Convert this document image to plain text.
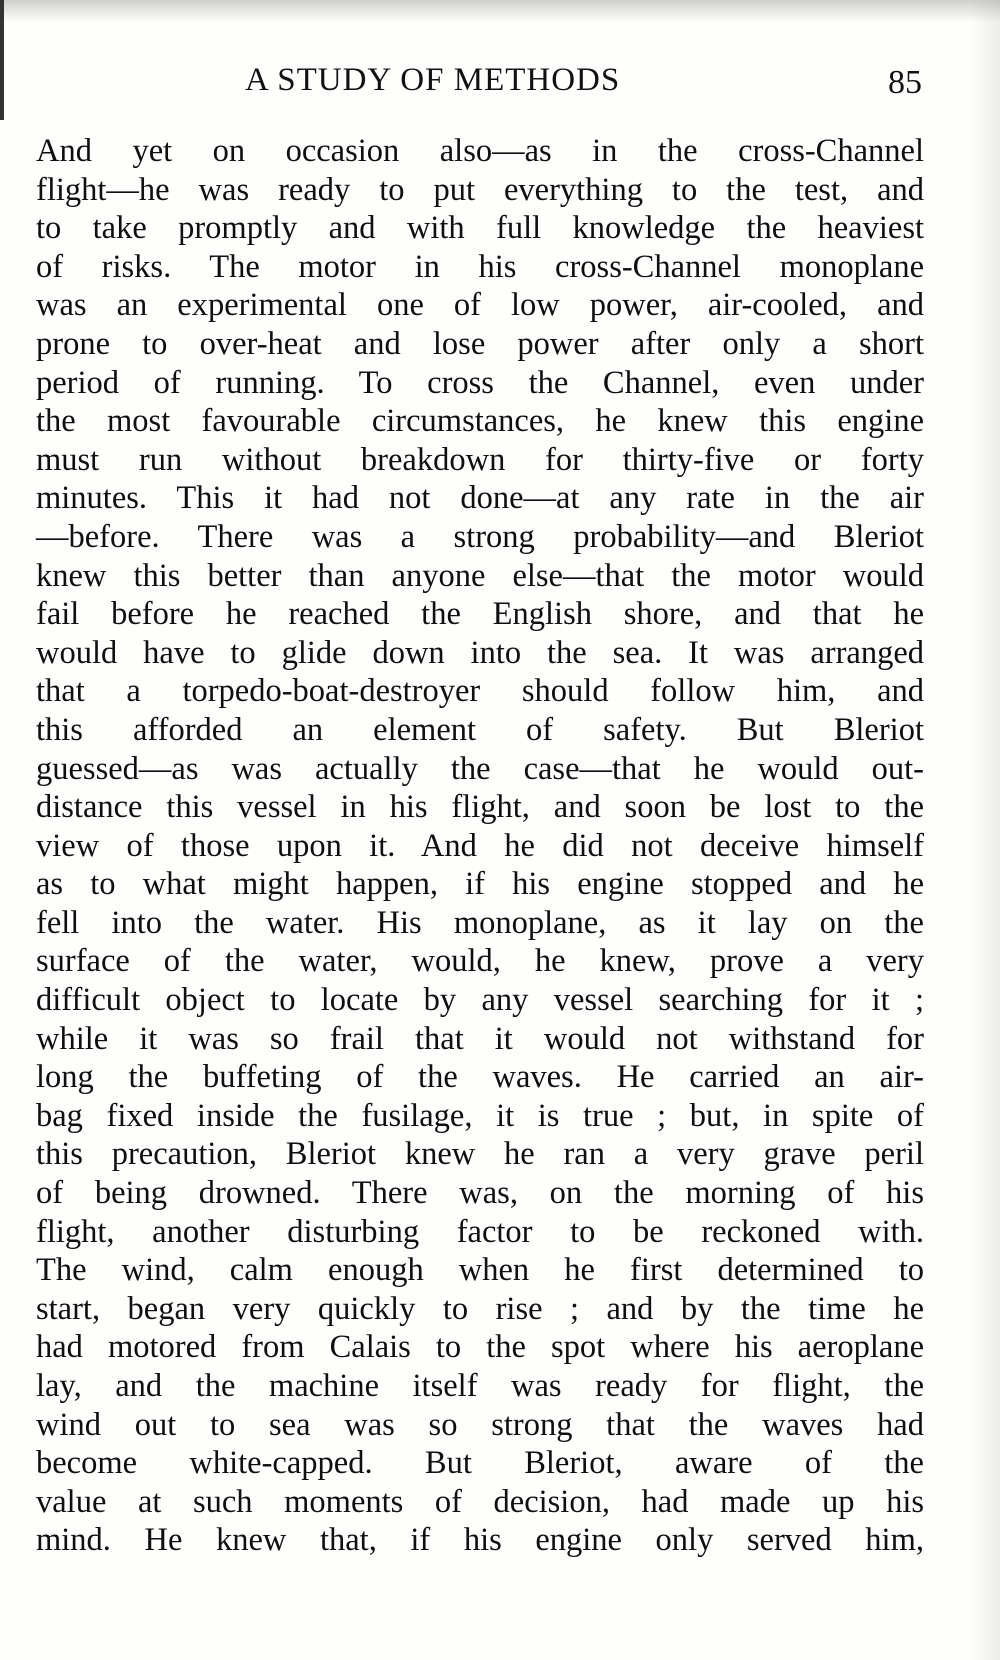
A STUDY OF METHODS	85
And yet on occasion also—as in the cross-Channel
flight—he was ready to put everything to the test, and
to take promptly and with full knowledge the heaviest
of risks. The motor in his cross-Channel monoplane
was an experimental one of low power, air-cooled, and
prone to over-heat and lose power after only a short
period of running. To cross the Channel, even under
the most favourable circumstances, he knew this engine
must run without breakdown for thirty-five or forty
minutes. This it had not done—at any rate in the air
—before. There was a strong probability—and Bleriot
knew this better than anyone else—that the motor would
fail before he reached the English shore, and that he
would have to glide down into the sea. It was arranged
that a torpedo-boat-destroyer should follow him, and
this afforded an element of safety. But Bleriot
guessed—as was actually the case—that he would out-
distance this vessel in his flight, and soon be lost to the
view of those upon it. And he did not deceive himself
as to what might happen, if his engine stopped and he
fell into the water. His monoplane, as it lay on the
surface of the water, would, he knew, prove a very
difficult object to locate by any vessel searching for it ;
while it was so frail that it would not withstand for
long the buffeting of the waves. He carried an air-
bag fixed inside the fusilage, it is true ; but, in spite of
this precaution, Bleriot knew he ran a very grave peril
of being drowned. There was, on the morning of his
flight, another disturbing factor to be reckoned with.
The wind, calm enough when he first determined to
start, began very quickly to rise ; and by the time he
had motored from Calais to the spot where his aeroplane
lay, and the machine itself was ready for flight, the
wind out to sea was so strong that the waves had
become white-capped. But Bleriot, aware of the
value at such moments of decision, had made up his
mind. He knew that, if his engine only served him,
